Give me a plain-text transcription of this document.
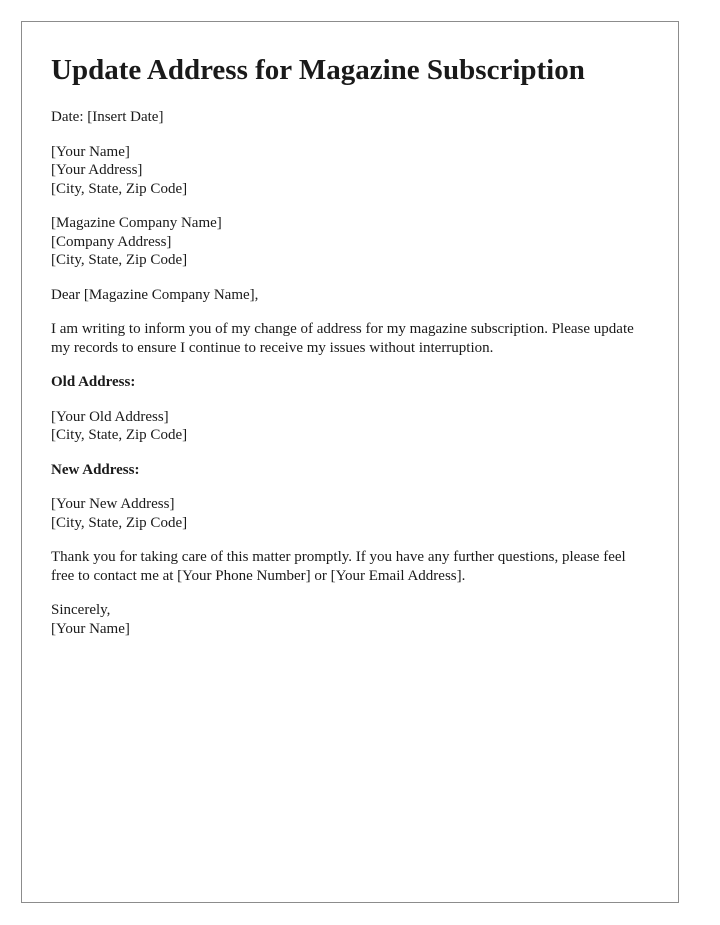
Update Address for Magazine Subscription

Date: [Insert Date]

[Your Name]
[Your Address]
[City, State, Zip Code]

[Magazine Company Name]
[Company Address]
[City, State, Zip Code]

Dear [Magazine Company Name],

I am writing to inform you of my change of address for my magazine subscription. Please update my records to ensure I continue to receive my issues without interruption.

Old Address:

[Your Old Address]
[City, State, Zip Code]

New Address:

[Your New Address]
[City, State, Zip Code]

Thank you for taking care of this matter promptly. If you have any further questions, please feel free to contact me at [Your Phone Number] or [Your Email Address].

Sincerely,
[Your Name]
